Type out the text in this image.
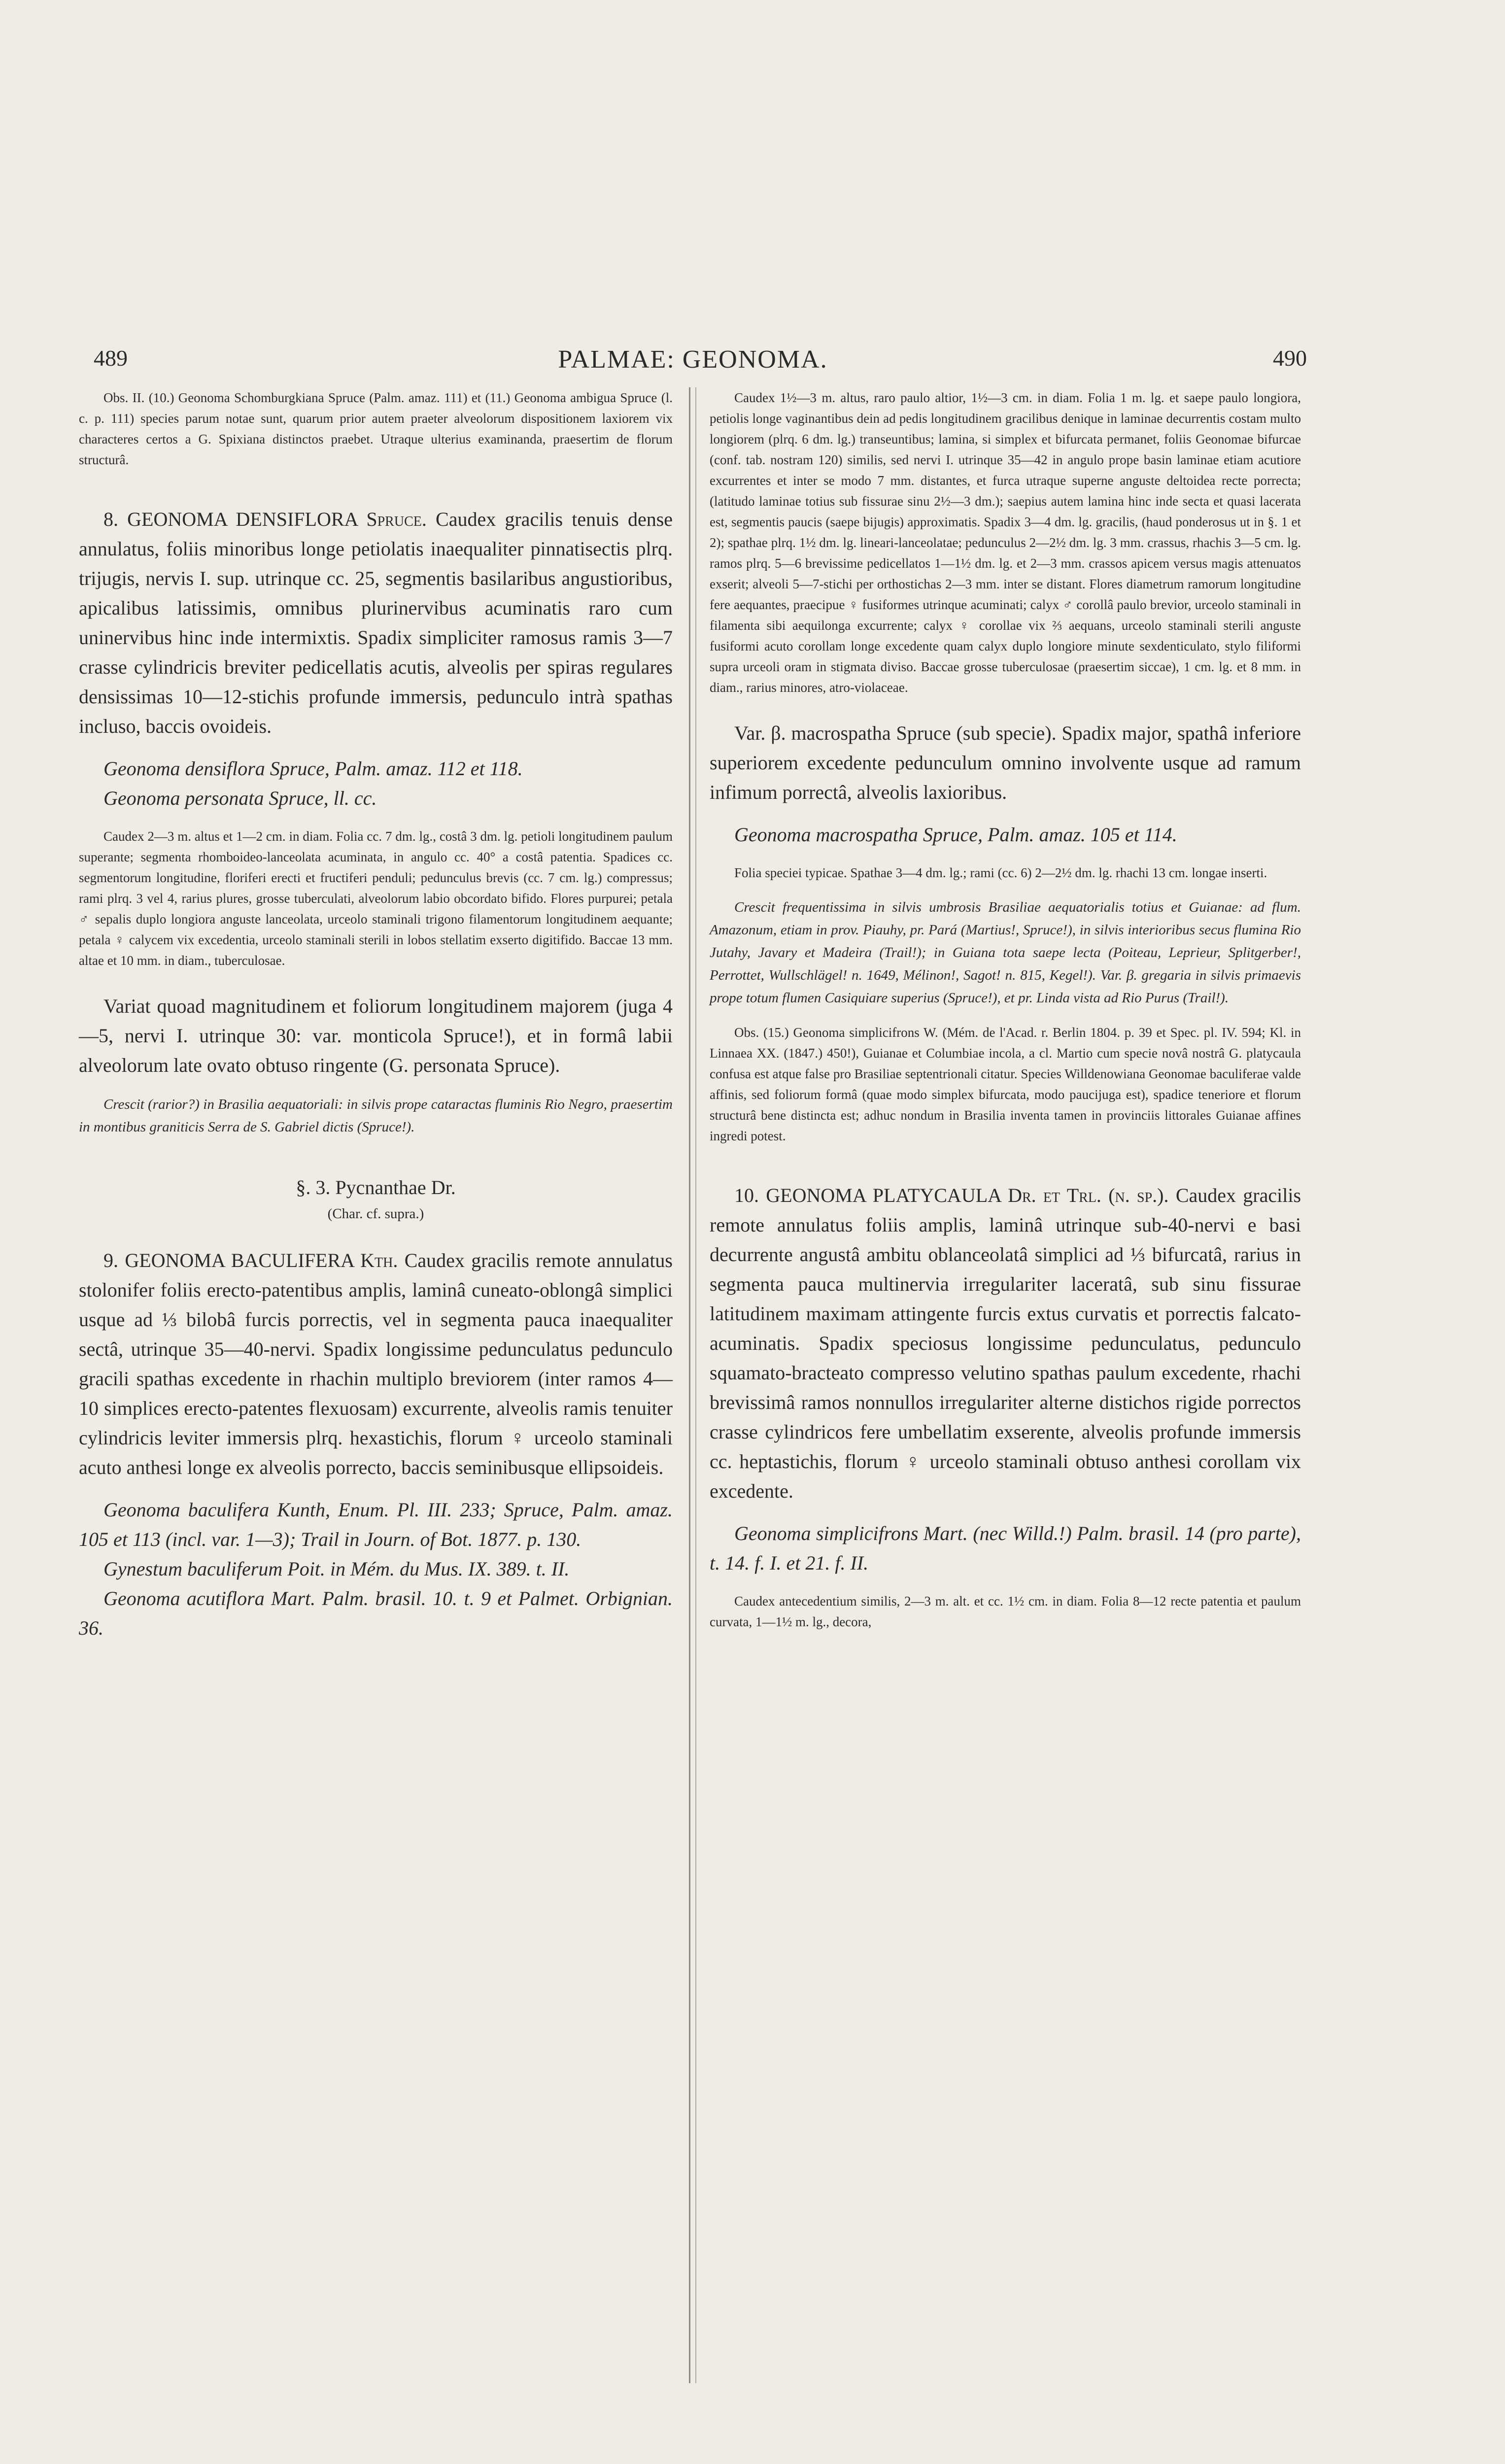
489	PALMAE: GEONOMA.	490

Obs. II. (10.) Geonoma Schomburgkiana Spruce (Palm. amaz. 111) et (11.) Geonoma ambigua Spruce (l. c. p. 111) species parum notae sunt, quarum prior autem praeter alveolorum dispositionem laxiorem vix characteres certos a G. Spixiana distinctos praebet. Utraque ulterius examinanda, praesertim de florum structurâ.

8. GEONOMA DENSIFLORA Spruce. Caudex gracilis tenuis dense annulatus, foliis minoribus longe petiolatis inaequaliter pinnatisectis plrq. trijugis, nervis I. sup. utrinque cc. 25, segmentis basilaribus angustioribus, apicalibus latissimis, omnibus plurinervibus acuminatis raro cum uninervibus hinc inde intermixtis. Spadix simpliciter ramosus ramis 3—7 crasse cylindricis breviter pedicellatis acutis, alveolis per spiras regulares densissimas 10—12-stichis profunde immersis, pedunculo intrà spathas incluso, baccis ovoideis.

Geonoma densiflora Spruce, Palm. amaz. 112 et 118.

Geonoma personata Spruce, ll. cc.

Caudex 2—3 m. altus et 1—2 cm. in diam. Folia cc. 7 dm. lg., costâ 3 dm. lg. petioli longitudinem paulum superante; segmenta rhomboideo-lanceolata acuminata, in angulo cc. 40° a costâ patentia. Spadices cc. segmentorum longitudine, floriferi erecti et fructiferi penduli; pedunculus brevis (cc. 7 cm. lg.) compressus; rami plrq. 3 vel 4, rarius plures, grosse tuberculati, alveolorum labio obcordato bifido. Flores purpurei; petala ♂ sepalis duplo longiora anguste lanceolata, urceolo staminali trigono filamentorum longitudinem aequante; petala ♀ calycem vix excedentia, urceolo staminali sterili in lobos stellatim exserto digitifido. Baccae 13 mm. altae et 10 mm. in diam., tuberculosae.

Variat quoad magnitudinem et foliorum longitudinem majorem (juga 4—5, nervi I. utrinque 30: var. monticola Spruce!), et in formâ labii alveolorum late ovato obtuso ringente (G. personata Spruce).

Crescit (rarior?) in Brasilia aequatoriali: in silvis prope cataractas fluminis Rio Negro, praesertim in montibus graniticis Serra de S. Gabriel dictis (Spruce!).

§. 3. Pycnanthae Dr.

(Char. cf. supra.)

9. GEONOMA BACULIFERA Kth. Caudex gracilis remote annulatus stolonifer foliis erecto-patentibus amplis, laminâ cuneato-oblongâ simplici usque ad ⅓ bilobâ furcis porrectis, vel in segmenta pauca inaequaliter sectâ, utrinque 35—40-nervi. Spadix longissime pedunculatus pedunculo gracili spathas excedente in rhachin multiplo breviorem (inter ramos 4—10 simplices erecto-patentes flexuosam) excurrente, alveolis ramis tenuiter cylindricis leviter immersis plrq. hexastichis, florum ♀ urceolo staminali acuto anthesi longe ex alveolis porrecto, baccis seminibusque ellipsoideis.

Geonoma baculifera Kunth, Enum. Pl. III. 233; Spruce, Palm. amaz. 105 et 113 (incl. var. 1—3); Trail in Journ. of Bot. 1877. p. 130.

Gynestum baculiferum Poit. in Mém. du Mus. IX. 389. t. II.

Geonoma acutiflora Mart. Palm. brasil. 10. t. 9 et Palmet. Orbignian. 36.

Caudex 1½—3 m. altus, raro paulo altior, 1½—3 cm. in diam. Folia 1 m. lg. et saepe paulo longiora, petiolis longe vaginantibus dein ad pedis longitudinem gracilibus denique in laminae decurrentis costam multo longiorem (plrq. 6 dm. lg.) transeuntibus; lamina, si simplex et bifurcata permanet, foliis Geonomae bifurcae (conf. tab. nostram 120) similis, sed nervi I. utrinque 35—42 in angulo prope basin laminae etiam acutiore excurrentes et inter se modo 7 mm. distantes, et furca utraque superne anguste deltoidea recte porrecta; (latitudo laminae totius sub fissurae sinu 2½—3 dm.); saepius autem lamina hinc inde secta et quasi lacerata est, segmentis paucis (saepe bijugis) approximatis. Spadix 3—4 dm. lg. gracilis, (haud ponderosus ut in §. 1 et 2); spathae plrq. 1½ dm. lg. lineari-lanceolatae; pedunculus 2—2½ dm. lg. 3 mm. crassus, rhachis 3—5 cm. lg. ramos plrq. 5—6 brevissime pedicellatos 1—1½ dm. lg. et 2—3 mm. crassos apicem versus magis attenuatos exserit; alveoli 5—7-stichi per orthostichas 2—3 mm. inter se distant. Flores diametrum ramorum longitudine fere aequantes, praecipue ♀ fusiformes utrinque acuminati; calyx ♂ corollâ paulo brevior, urceolo staminali in filamenta sibi aequilonga excurrente; calyx ♀ corollae vix ⅔ aequans, urceolo staminali sterili anguste fusiformi acuto corollam longe excedente quam calyx duplo longiore minute sexdenticulato, stylo filiformi supra urceoli oram in stigmata diviso. Baccae grosse tuberculosae (praesertim siccae), 1 cm. lg. et 8 mm. in diam., rarius minores, atro-violaceae.

Var. β. macrospatha Spruce (sub specie). Spadix major, spathâ inferiore superiorem excedente pedunculum omnino involvente usque ad ramum infimum porrectâ, alveolis laxioribus.

Geonoma macrospatha Spruce, Palm. amaz. 105 et 114.

Folia speciei typicae. Spathae 3—4 dm. lg.; rami (cc. 6) 2—2½ dm. lg. rhachi 13 cm. longae inserti.

Crescit frequentissima in silvis umbrosis Brasiliae aequatorialis totius et Guianae: ad flum. Amazonum, etiam in prov. Piauhy, pr. Pará (Martius!, Spruce!), in silvis interioribus secus flumina Rio Jutahy, Javary et Madeira (Trail!); in Guiana tota saepe lecta (Poiteau, Leprieur, Splitgerber!, Perrottet, Wullschlägel! n. 1649, Mélinon!, Sagot! n. 815, Kegel!). Var. β. gregaria in silvis primaevis prope totum flumen Casiquiare superius (Spruce!), et pr. Linda vista ad Rio Purus (Trail!).

Obs. (15.) Geonoma simplicifrons W. (Mém. de l'Acad. r. Berlin 1804. p. 39 et Spec. pl. IV. 594; Kl. in Linnaea XX. (1847.) 450!), Guianae et Columbiae incola, a cl. Martio cum specie novâ nostrâ G. platycaula confusa est atque false pro Brasiliae septentrionali citatur. Species Willdenowiana Geonomae baculiferae valde affinis, sed foliorum formâ (quae modo simplex bifurcata, modo paucijuga est), spadice teneriore et florum structurâ bene distincta est; adhuc nondum in Brasilia inventa tamen in provinciis littorales Guianae affines ingredi potest.

10. GEONOMA PLATYCAULA Dr. et Trl. (n. sp.). Caudex gracilis remote annulatus foliis amplis, laminâ utrinque sub-40-nervi e basi decurrente angustâ ambitu oblanceolatâ simplici ad ⅓ bifurcatâ, rarius in segmenta pauca multinervia irregulariter laceratâ, sub sinu fissurae latitudinem maximam attingente furcis extus curvatis et porrectis falcato-acuminatis. Spadix speciosus longissime pedunculatus, pedunculo squamato-bracteato compresso velutino spathas paulum excedente, rhachi brevissimâ ramos nonnullos irregulariter alterne distichos rigide porrectos crasse cylindricos fere umbellatim exserente, alveolis profunde immersis cc. heptastichis, florum ♀ urceolo staminali obtuso anthesi corollam vix excedente.

Geonoma simplicifrons Mart. (nec Willd.!) Palm. brasil. 14 (pro parte), t. 14. f. I. et 21. f. II.

Caudex antecedentium similis, 2—3 m. alt. et cc. 1½ cm. in diam. Folia 8—12 recte patentia et paulum curvata, 1—1½ m. lg., decora,
